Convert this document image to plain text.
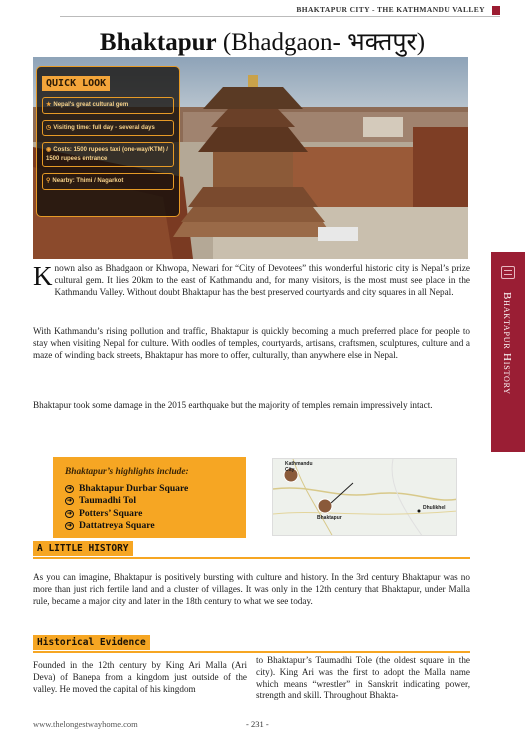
BHAKTAPUR CITY - THE KATHMANDU VALLEY
Bhaktapur (Bhadgaon- भक्तपुर)
QUICK LOOK
★ Nepal's great cultural gem
◷ Visiting time: full day - several days
◉ Costs: 1500 rupees taxi (one-way/KTM) / 1500 rupees entrance
⚲ Nearby: Thimi / Nagarkot
Known also as Bhadgaon or Khwopa, Newari for “City of Devotees” this wonderful historic city is Nepal’s prize cultural gem. It lies 20km to the east of Kathmandu and, for many visitors, is the most must see place in the Kathmandu Valley. Without doubt Bhaktapur has the best preserved courtyards and city squares in all Nepal.
With Kathmandu’s rising pollution and traffic, Bhaktapur is quickly becoming a much preferred place for people to stay when visiting Nepal for culture. With oodles of temples, courtyards, artisans, craftsmen, sculptures, culture and a maze of winding back streets, Bhaktapur has more to offer, culturally, than anywhere else in Nepal.
Bhaktapur took some damage in the 2015 earthquake but the majority of temples remain impressively intact.
Bhaktapur’s highlights include:
➜ Bhaktapur Durbar Square
➜ Taumadhi Tol
➜ Potters’ Square
➜ Dattatreya Square
Kathmandu City
Bhaktapur
Dhulikhel
A LITTLE HISTORY
As you can imagine, Bhaktapur is positively bursting with culture and history. In the 3rd century Bhaktapur was no more than just rich fertile land and a cluster of villages. It was only in the 12th century that Bhaktapur, under Malla rule, became a major city and later in the 18th century to what we see today.
Historical Evidence
Founded in the 12th century by King Ari Malla (Ari Deva) of Banepa from a kingdom just outside of the valley. He moved the capital of his kingdom
to Bhaktapur’s Taumadhi Tole (the oldest square in the city). King Ari was the first to adopt the Malla name which means “wrestler” in Sanskrit indicating power, strength and skill. Throughout Bhakta-
www.thelongestwayhome.com	- 231 -
Bhaktapur History
